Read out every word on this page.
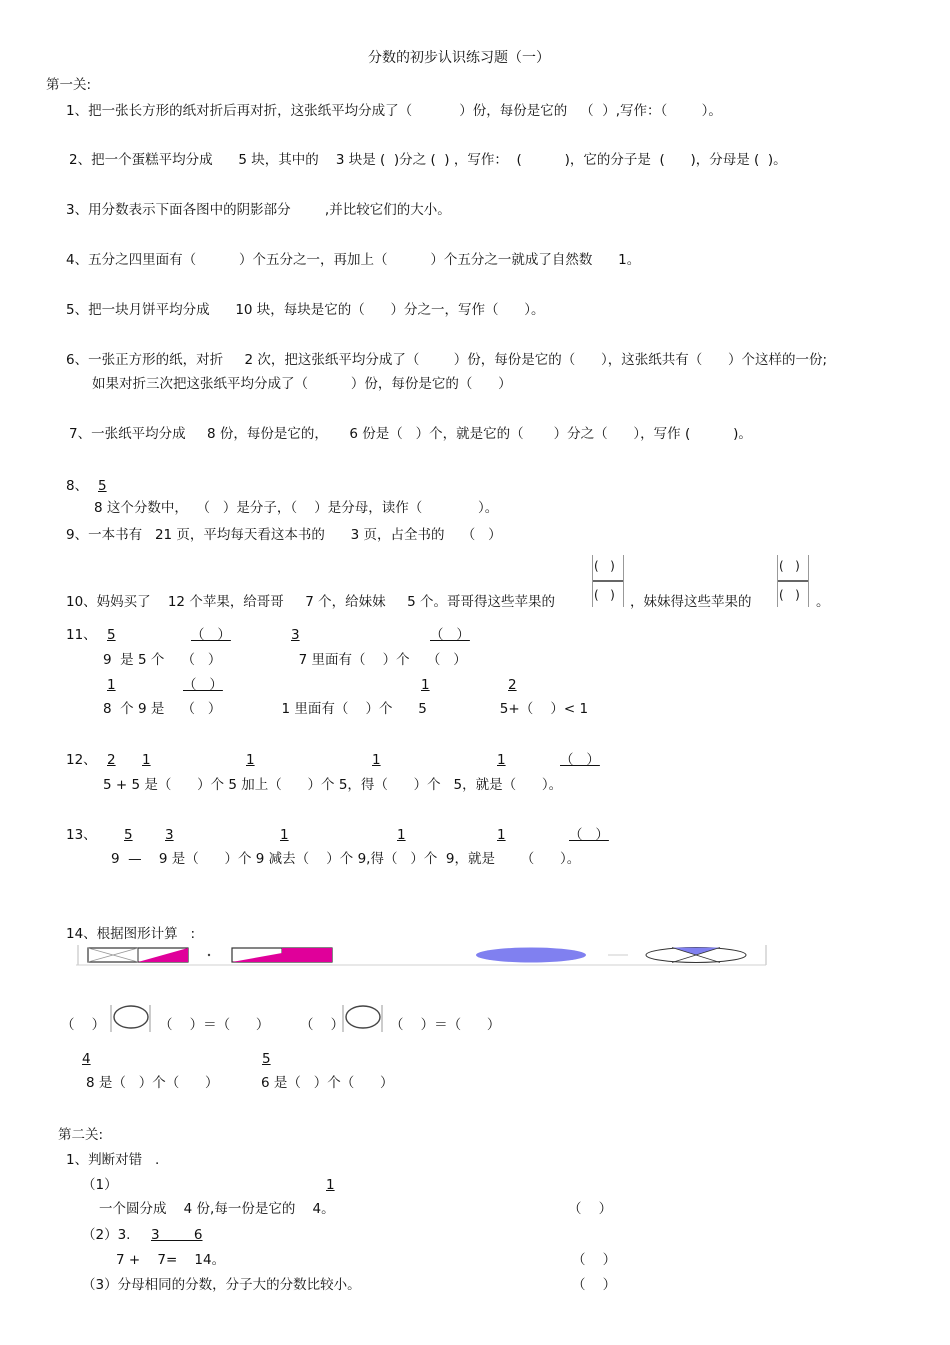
分数的初步认识练习题（一）
第一关:
1、把一张长方形的纸对折后再对折，这张纸平均分成了（           ）份，每份是它的   （  ）,写作：（        ）。
2、把一个蛋糕平均分成      5 块，其中的    3 块是 (  )分之 (  ) ，写作：  (          )，它的分子是  (      )，分母是 (  )。
3、用分数表示下面各图中的阴影部分        ,并比较它们的大小。
4、五分之四里面有（          ）个五分之一，再加上（          ）个五分之一就成了自然数      1。
5、把一块月饼平均分成      10 块，每块是它的（      ）分之一，写作（      ）。
6、一张正方形的纸，对折     2 次，把这张纸平均分成了（        ）份，每份是它的（      ），这张纸共有（      ）个这样的一份;
如果对折三次把这张纸平均分成了（          ）份，每份是它的（      ）
7、一张纸平均分成     8 份，每份是它的，     6 份是（   ）个，就是它的（       ）分之（      ），写作 (          )。
8、 5
8 这个分数中，  （   ）是分子，（    ）是分母，读作（             ）。
9、一本书有   21 页，平均每天看这本书的      3 页，占全书的    （   ）
10、妈妈买了    12 个苹果，给哥哥     7 个，给妹妹     5 个。哥哥得这些苹果的
(   )
(   ) ，妹妹得这些苹果的
(   )
(   ) 。
11、 5	（   ）	3	（   ）
9  是 5 个    （   ）                  7 里面有（    ）个    （   ）
1	（   ）	1	2
8  个 9 是    （   ）              1 里面有（    ）个      5                 5+（    ）< 1
12、 2 1	1	1	1	（   ）
5 + 5 是（      ）个 5 加上（      ）个 5，得（      ）个   5，就是（      ）。
13、 5 3	1	1	1	（   ）
9  —    9 是（      ）个 9 减去（    ）个 9,得（   ）个  9，就是      （      ）。
14、根据图形计算   :
（    ）	（    ）＝（      ） （    ）	（    ）＝（      ）
4
8 是（   ）个（      ）
5
6 是（   ）个（      ）
第二关:
1、判断对错   .
（1）	1
一个圆分成    4 份,每一份是它的    4。	（    ）
（2）3. 3        6
7 +    7=    14。	（    ）
（3）分母相同的分数，分子大的分数比较小。	（    ）
